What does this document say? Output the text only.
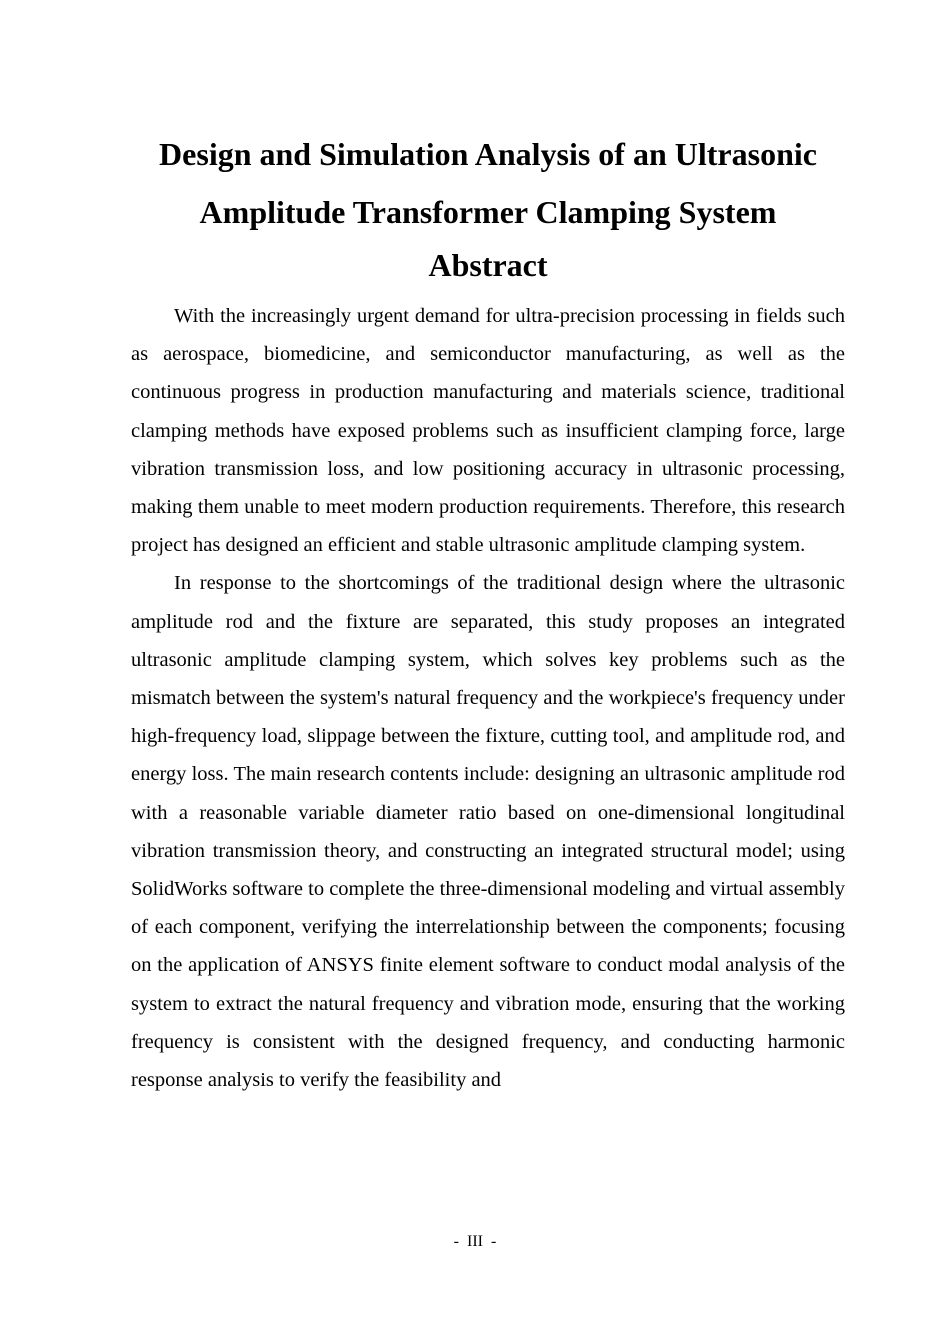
Design and Simulation Analysis of an Ultrasonic Amplitude Transformer Clamping System
Abstract

With the increasingly urgent demand for ultra-precision processing in fields such as aerospace, biomedicine, and semiconductor manufacturing, as well as the continuous progress in production manufacturing and materials science, traditional clamping methods have exposed problems such as insufficient clamping force, large vibration transmission loss, and low positioning accuracy in ultrasonic processing, making them unable to meet modern production requirements. Therefore, this research project has designed an efficient and stable ultrasonic amplitude clamping system.

In response to the shortcomings of the traditional design where the ultrasonic amplitude rod and the fixture are separated, this study proposes an integrated ultrasonic amplitude clamping system, which solves key problems such as the mismatch between the system's natural frequency and the workpiece's frequency under high-frequency load, slippage between the fixture, cutting tool, and amplitude rod, and energy loss. The main research contents include: designing an ultrasonic amplitude rod with a reasonable variable diameter ratio based on one-dimensional longitudinal vibration transmission theory, and constructing an integrated structural model; using SolidWorks software to complete the three-dimensional modeling and virtual assembly of each component, verifying the interrelationship between the components; focusing on the application of ANSYS finite element software to conduct modal analysis of the system to extract the natural frequency and vibration mode, ensuring that the working frequency is consistent with the designed frequency, and conducting harmonic response analysis to verify the feasibility and

- III -
